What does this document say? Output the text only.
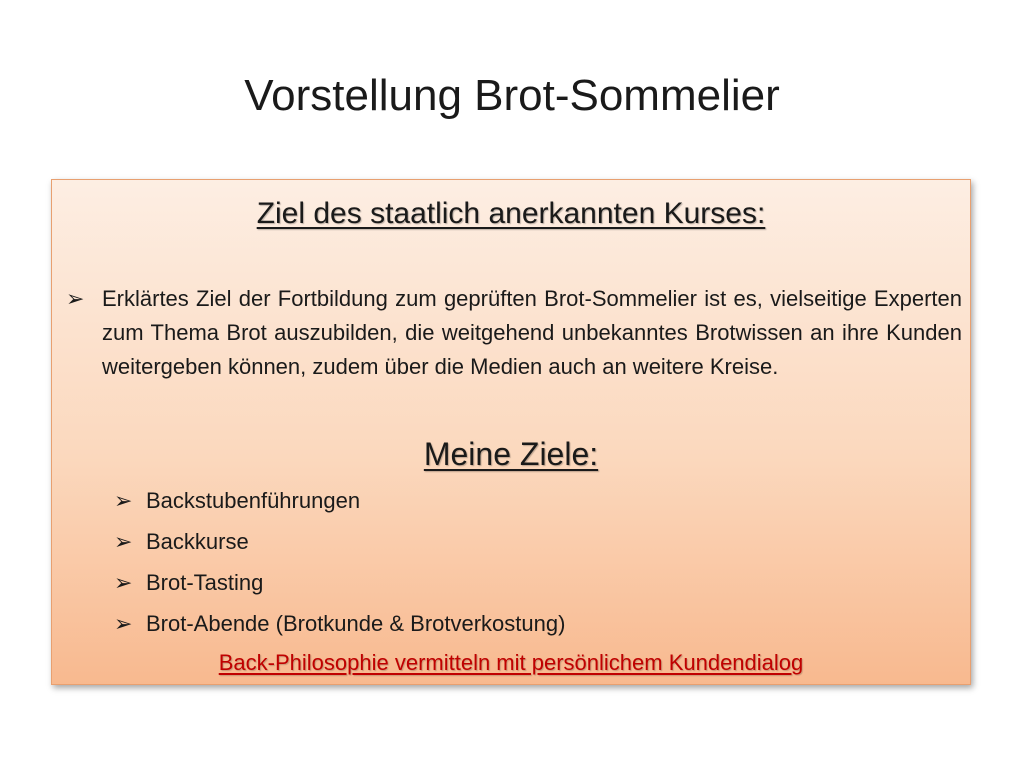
Vorstellung Brot-Sommelier
Ziel des staatlich anerkannten Kurses:
➢ Erklärtes Ziel der Fortbildung zum geprüften Brot-Sommelier ist es, vielseitige Experten zum Thema Brot auszubilden, die weitgehend unbekanntes Brotwissen an ihre Kunden weitergeben können, zudem über die Medien auch an weitere Kreise.
Meine Ziele:
➢ Backstubenführungen
➢ Backkurse
➢ Brot-Tasting
➢ Brot-Abende (Brotkunde & Brotverkostung)
Back-Philosophie vermitteln mit persönlichem Kundendialog
